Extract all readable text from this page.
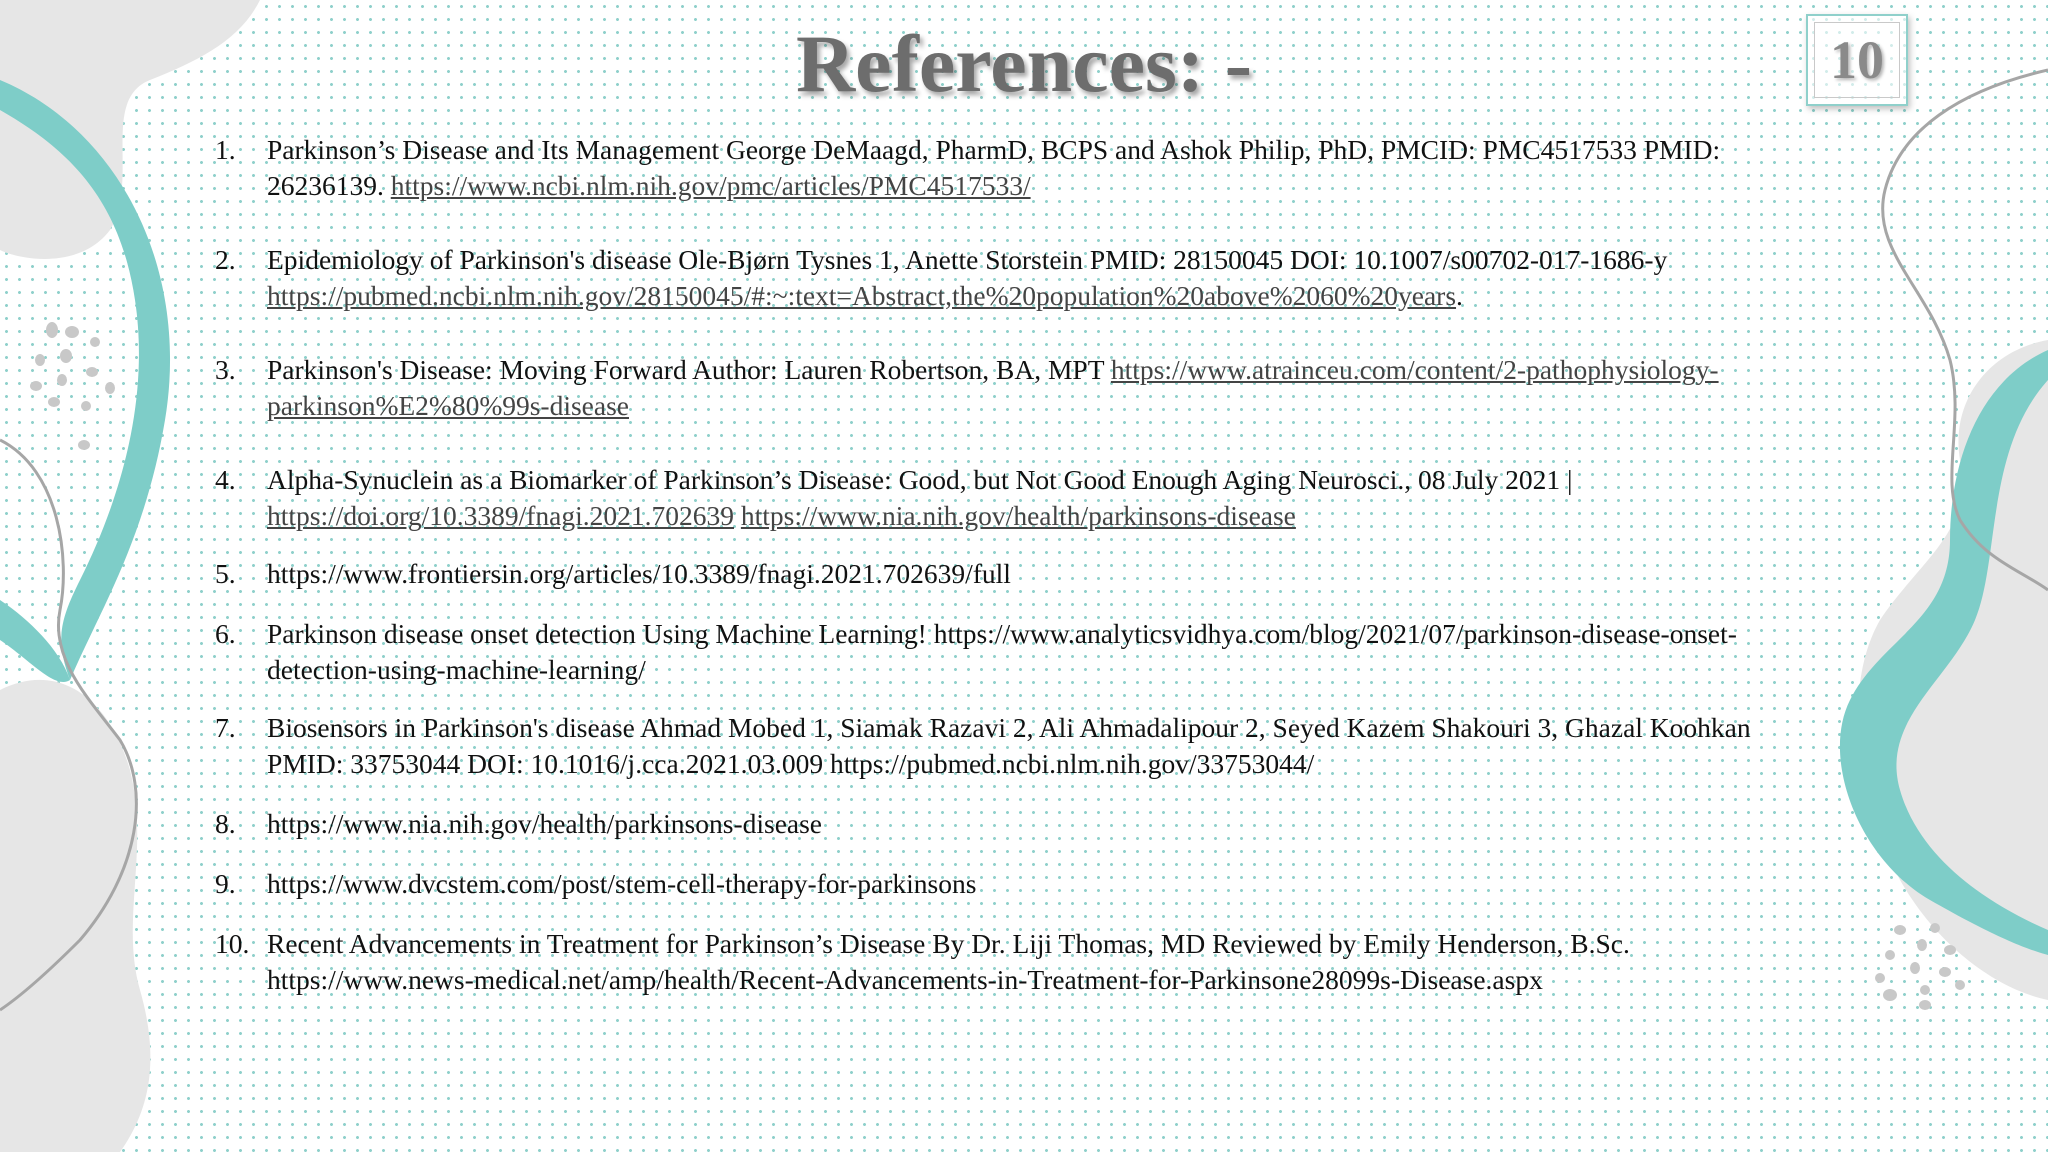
References: -	10
1. Parkinson’s Disease and Its Management George DeMaagd, PharmD, BCPS and Ashok Philip, PhD, PMCID: PMC4517533 PMID: 26236139. https://www.ncbi.nlm.nih.gov/pmc/articles/PMC4517533/
2. Epidemiology of Parkinson's disease Ole-Bjørn Tysnes 1, Anette Storstein PMID: 28150045 DOI: 10.1007/s00702-017-1686-y https://pubmed.ncbi.nlm.nih.gov/28150045/#:~:text=Abstract,the%20population%20above%2060%20years.
3. Parkinson's Disease: Moving Forward Author: Lauren Robertson, BA, MPT https://www.atrainceu.com/content/2-pathophysiology-parkinson%E2%80%99s-disease
4. Alpha-Synuclein as a Biomarker of Parkinson’s Disease: Good, but Not Good Enough Aging Neurosci., 08 July 2021 | https://doi.org/10.3389/fnagi.2021.702639 https://www.nia.nih.gov/health/parkinsons-disease
5. https://www.frontiersin.org/articles/10.3389/fnagi.2021.702639/full
6. Parkinson disease onset detection Using Machine Learning! https://www.analyticsvidhya.com/blog/2021/07/parkinson-disease-onset-detection-using-machine-learning/
7. Biosensors in Parkinson's disease Ahmad Mobed 1, Siamak Razavi 2, Ali Ahmadalipour 2, Seyed Kazem Shakouri 3, Ghazal Koohkan PMID: 33753044 DOI: 10.1016/j.cca.2021.03.009 https://pubmed.ncbi.nlm.nih.gov/33753044/
8. https://www.nia.nih.gov/health/parkinsons-disease
9. https://www.dvcstem.com/post/stem-cell-therapy-for-parkinsons
10. Recent Advancements in Treatment for Parkinson’s Disease By Dr. Liji Thomas, MD Reviewed by Emily Henderson, B.Sc. https://www.news-medical.net/amp/health/Recent-Advancements-in-Treatment-for-Parkinsone28099s-Disease.aspx
